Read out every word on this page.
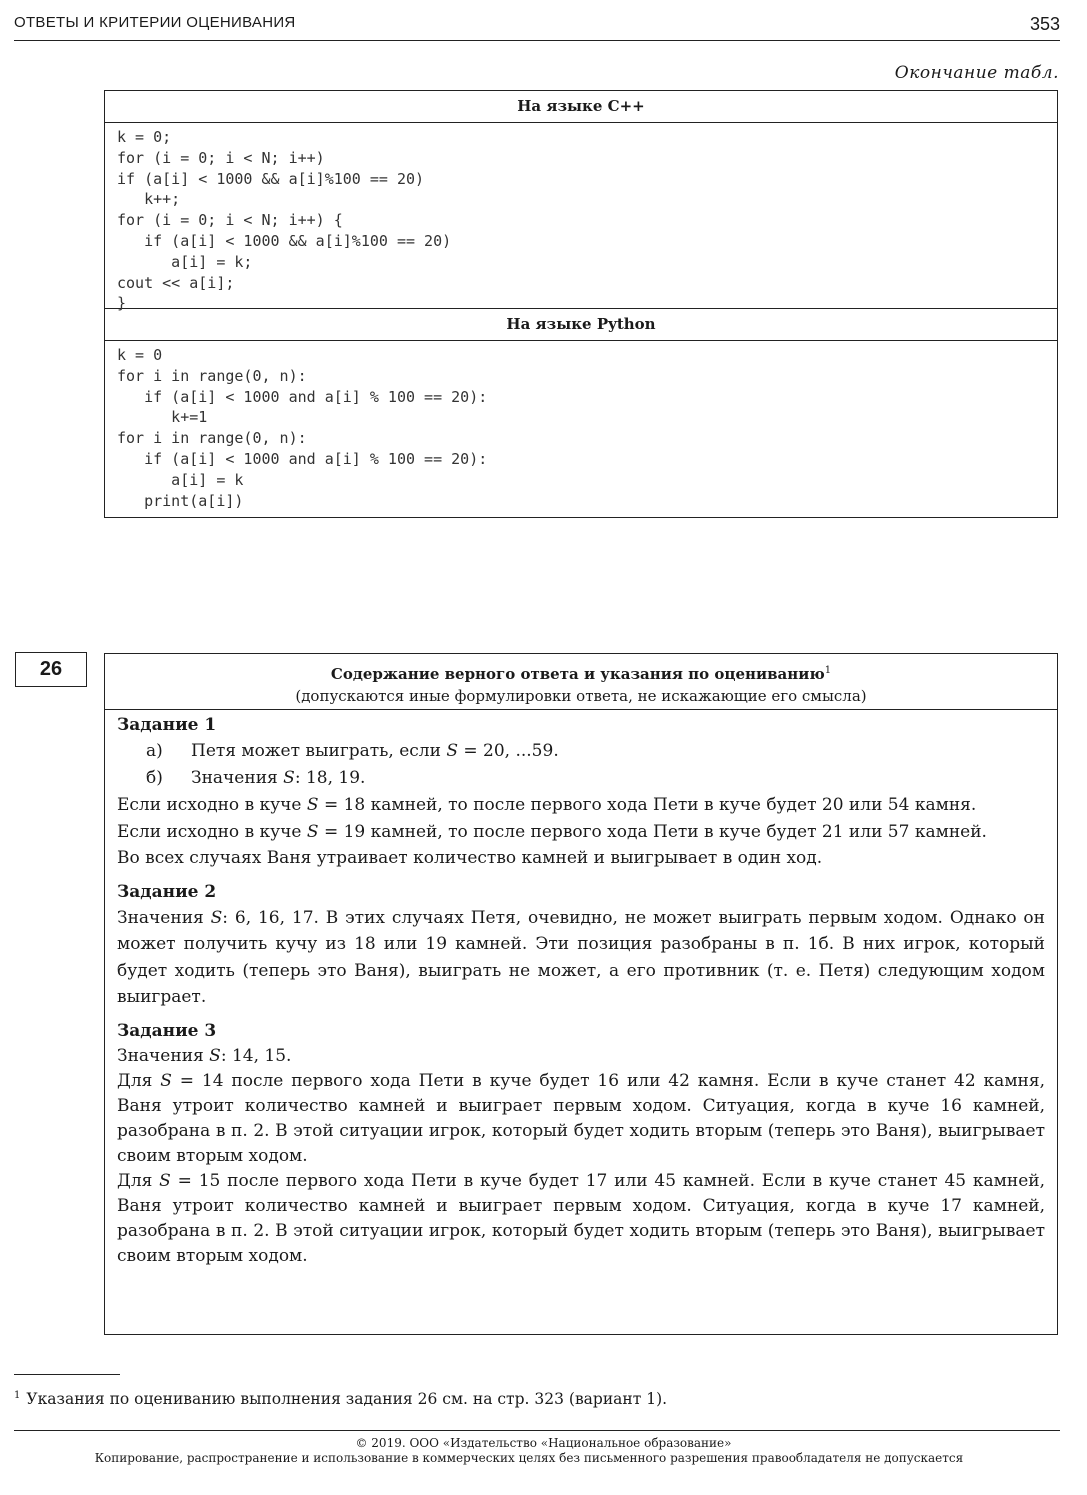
ОТВЕТЫ И КРИТЕРИИ ОЦЕНИВАНИЯ	353
Окончание табл.
На языке C++
k = 0;
for (i = 0; i < N; i++)
if (a[i] < 1000 && a[i]%100 == 20)
k++;
for (i = 0; i < N; i++) {
if (a[i] < 1000 && a[i]%100 == 20)
a[i] = k;
cout << a[i];
}
На языке Python
k = 0
for i in range(0, n):
if (a[i] < 1000 and a[i] % 100 == 20):
k+=1
for i in range(0, n):
if (a[i] < 1000 and a[i] % 100 == 20):
a[i] = k
print(a[i])
26	Содержание верного ответа и указания по оцениванию$^1$
(допускаются иные формулировки ответа, не искажающие его смысла)
Задание 1
а) Петя может выиграть, если S = 20, ...59.
б) Значения S: 18, 19.
Если исходно в куче S = 18 камней, то после первого хода Пети в куче будет 20 или 54 камня.
Если исходно в куче S = 19 камней, то после первого хода Пети в куче будет 21 или 57 камней.
Во всех случаях Ваня утраивает количество камней и выигрывает в один ход.
Задание 2
Значения S: 6, 16, 17. В этих случаях Петя, очевидно, не может выиграть первым ходом. Однако он может получить кучу из 18 или 19 камней. Эти позиция разобраны в п. 1б. В них игрок, который будет ходить (теперь это Ваня), выиграть не может, а его противник (т. е. Петя) следующим ходом выиграет.
Задание 3
Значения S: 14, 15.
Для S = 14 после первого хода Пети в куче будет 16 или 42 камня. Если в куче станет 42 камня, Ваня утроит количество камней и выиграет первым ходом. Ситуация, когда в куче 16 камней, разобрана в п. 2. В этой ситуации игрок, который будет ходить вторым (теперь это Ваня), выигрывает своим вторым ходом.
Для S = 15 после первого хода Пети в куче будет 17 или 45 камней. Если в куче станет 45 камней, Ваня утроит количество камней и выиграет первым ходом. Ситуация, когда в куче 17 камней, разобрана в п. 2. В этой ситуации игрок, который будет ходить вторым (теперь это Ваня), выигрывает своим вторым ходом.
$^1$ Указания по оцениванию выполнения задания 26 см. на стр. 323 (вариант 1).
© 2019. ООО «Издательство «Национальное образование»
Копирование, распространение и использование в коммерческих целях без письменного разрешения правообладателя не допускается
